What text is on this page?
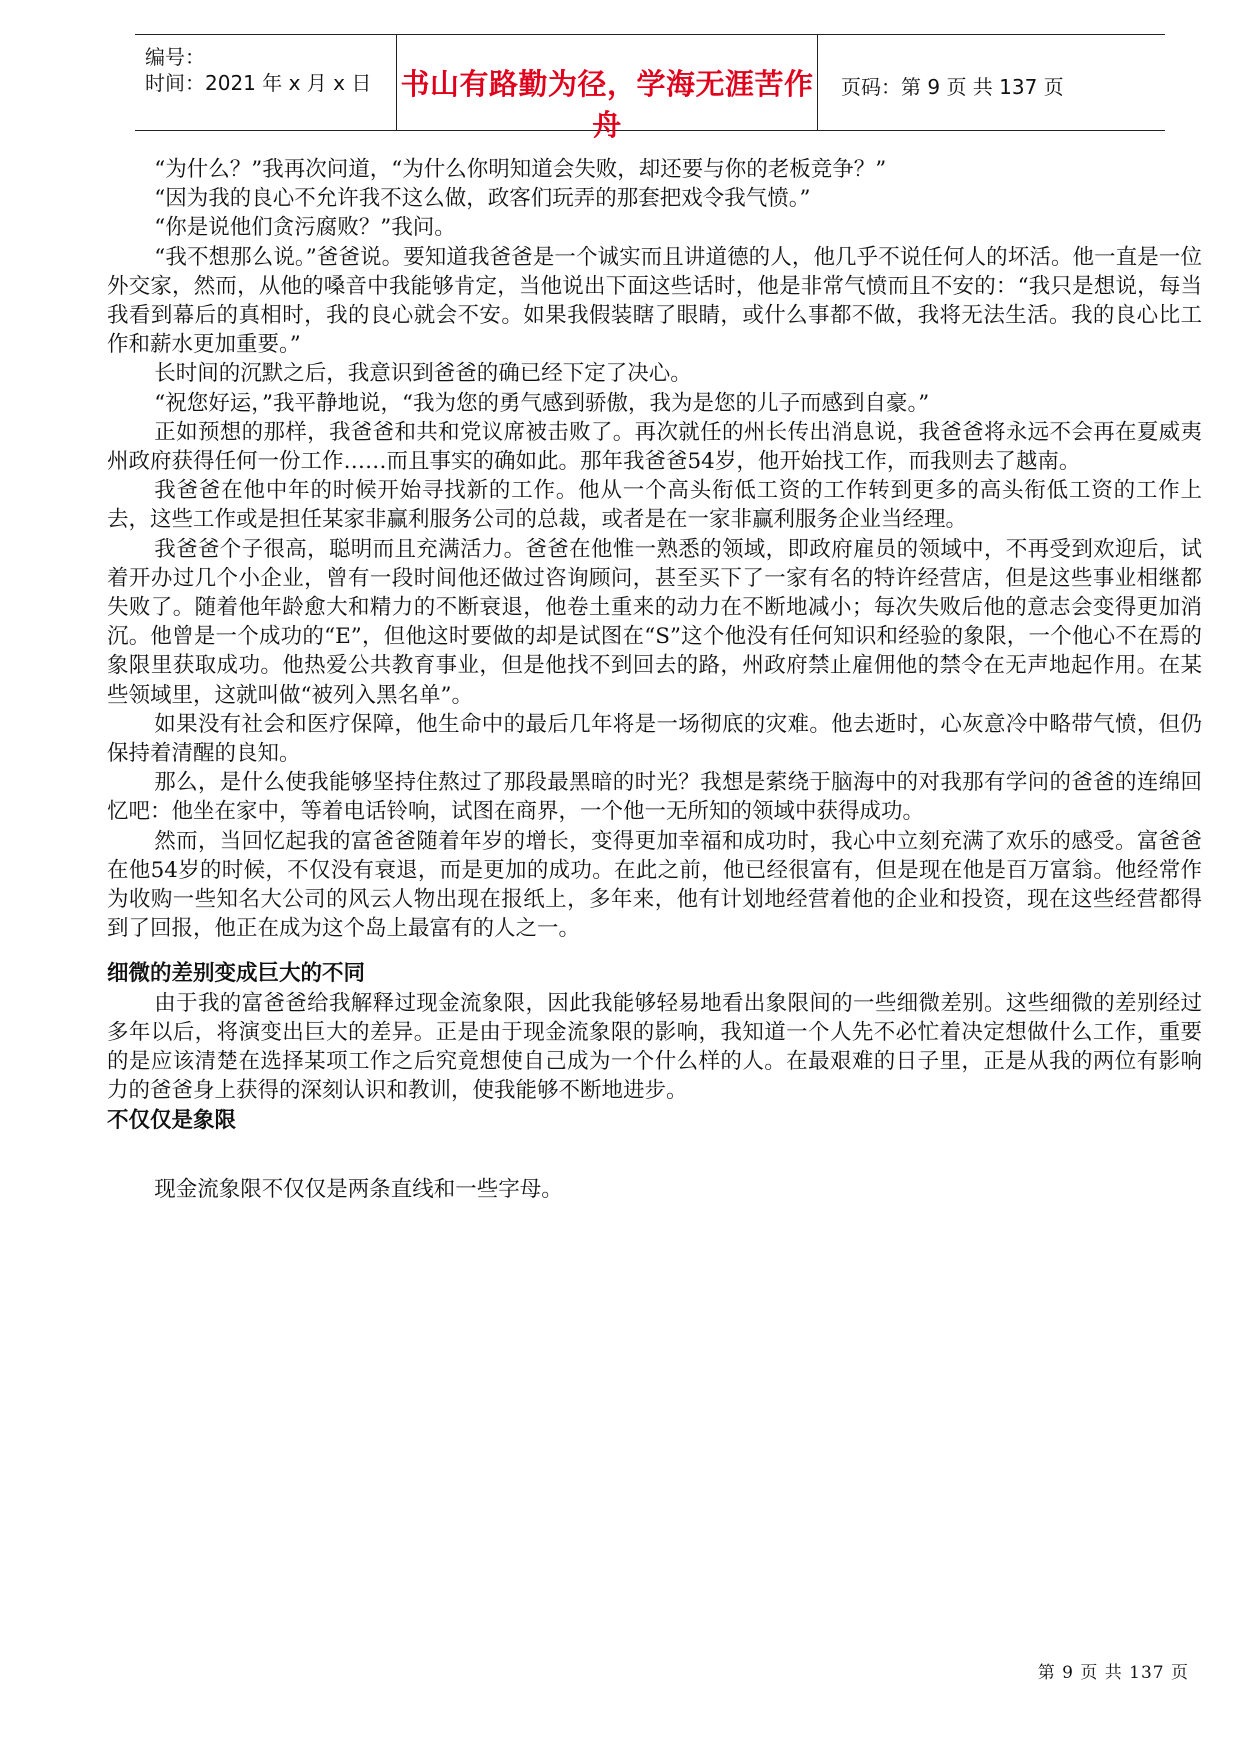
编号：
时间：2021 年 x 月 x 日 书山有路勤为径，学海无涯苦作舟
页码：第 9 页 共 137 页

“为什么？”我再次问道，“为什么你明知道会失败，却还要与你的老板竞争？”

“因为我的良心不允许我不这么做，政客们玩弄的那套把戏令我气愤。”

“你是说他们贪污腐败？”我问。

“我不想那么说。”爸爸说。要知道我爸爸是一个诚实而且讲道德的人，他几乎不说任何人的坏活。他一直是一位外交家，然而，从他的嗓音中我能够肯定，当他说出下面这些话时，他是非常气愤而且不安的：“我只是想说，每当我看到幕后的真相时，我的良心就会不安。如果我假装瞎了眼睛，或什么事都不做，我将无法生活。我的良心比工作和薪水更加重要。”

长时间的沉默之后，我意识到爸爸的确已经下定了决心。

“祝您好运，”我平静地说，“我为您的勇气感到骄傲，我为是您的儿子而感到自豪。”

正如预想的那样，我爸爸和共和党议席被击败了。再次就任的州长传出消息说，我爸爸将永远不会再在夏威夷州政府获得任何一份工作……而且事实的确如此。那年我爸爸54岁，他开始找工作，而我则去了越南。

我爸爸在他中年的时候开始寻找新的工作。他从一个高头衔低工资的工作转到更多的高头衔低工资的工作上去，这些工作或是担任某家非赢利服务公司的总裁，或者是在一家非赢利服务企业当经理。

我爸爸个子很高，聪明而且充满活力。爸爸在他惟一熟悉的领域，即政府雇员的领域中，不再受到欢迎后，试着开办过几个小企业，曾有一段时间他还做过咨询顾问，甚至买下了一家有名的特许经营店，但是这些事业相继都失败了。随着他年龄愈大和精力的不断衰退，他卷土重来的动力在不断地减小；每次失败后他的意志会变得更加消沉。他曾是一个成功的“E”，但他这时要做的却是试图在“S”这个他没有任何知识和经验的象限，一个他心不在焉的象限里获取成功。他热爱公共教育事业，但是他找不到回去的路，州政府禁止雇佣他的禁令在无声地起作用。在某些领域里，这就叫做“被列入黑名单”。

如果没有社会和医疗保障，他生命中的最后几年将是一场彻底的灾难。他去逝时，心灰意冷中略带气愤，但仍保持着清醒的良知。

那么，是什么使我能够坚持住熬过了那段最黑暗的时光？我想是萦绕于脑海中的对我那有学问的爸爸的连绵回忆吧：他坐在家中，等着电话铃响，试图在商界，一个他一无所知的领域中获得成功。

然而，当回忆起我的富爸爸随着年岁的增长，变得更加幸福和成功时，我心中立刻充满了欢乐的感受。富爸爸在他54岁的时候，不仅没有衰退，而是更加的成功。在此之前，他已经很富有，但是现在他是百万富翁。他经常作为收购一些知名大公司的风云人物出现在报纸上，多年来，他有计划地经营着他的企业和投资，现在这些经营都得到了回报，他正在成为这个岛上最富有的人之一。

细微的差别变成巨大的不同

由于我的富爸爸给我解释过现金流象限，因此我能够轻易地看出象限间的一些细微差别。这些细微的差别经过多年以后，将演变出巨大的差异。正是由于现金流象限的影响，我知道一个人先不必忙着决定想做什么工作，重要的是应该清楚在选择某项工作之后究竟想使自己成为一个什么样的人。在最艰难的日子里，正是从我的两位有影响力的爸爸身上获得的深刻认识和教训，使我能够不断地进步。

不仅仅是象限

现金流象限不仅仅是两条直线和一些字母。

第 9 页 共 137 页
